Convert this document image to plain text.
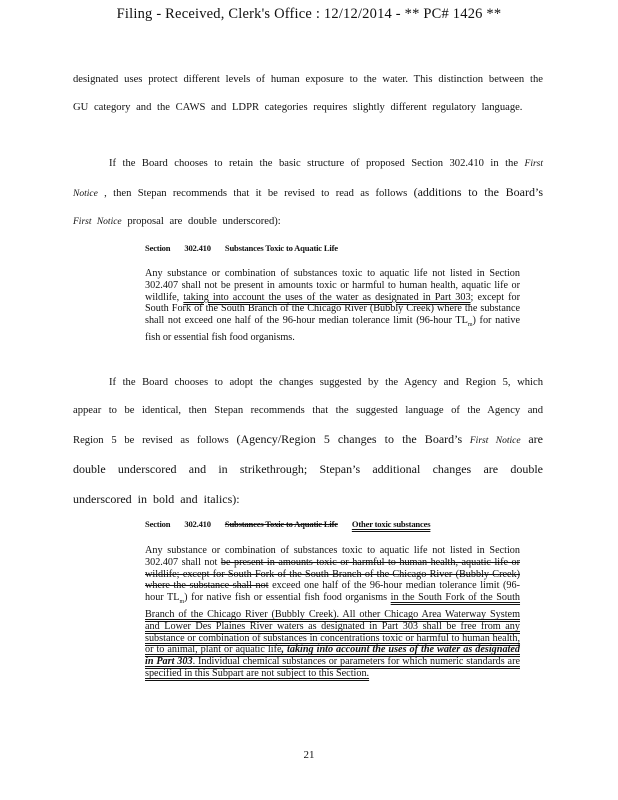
Filing - Received, Clerk's Office : 12/12/2014 - ** PC# 1426 **

designated uses protect different levels of human exposure to the water. This distinction between the GU category and the CAWS and LDPR categories requires slightly different regulatory language.

If the Board chooses to retain the basic structure of proposed Section 302.410 in the First Notice , then Stepan recommends that it be revised to read as follows (additions to the Board’s First Notice proposal are double underscored):

Section 302.410 Substances Toxic to Aquatic Life

Any substance or combination of substances toxic to aquatic life not listed in Section 302.407 shall not be present in amounts toxic or harmful to human health, aquatic life or wildlife, taking into account the uses of the water as designated in Part 303; except for South Fork of the South Branch of the Chicago River (Bubbly Creek) where the substance shall not exceed one half of the 96-hour median tolerance limit (96-hour $TL_m$) for native fish or essential fish food organisms.

If the Board chooses to adopt the changes suggested by the Agency and Region 5, which appear to be identical, then Stepan recommends that the suggested language of the Agency and Region 5 be revised as follows (Agency/Region 5 changes to the Board’s First Notice are double underscored and in strikethrough; Stepan’s additional changes are double underscored in bold and italics):

Section 302.410 Substances Toxic to Aquatic Life Other toxic substances

Any substance or combination of substances toxic to aquatic life not listed in Section 302.407 shall not be present in amounts toxic or harmful to human health, aquatic life or wildlife; except for South Fork of the South Branch of the Chicago River (Bubbly Creek) where the substance shall not exceed one half of the 96-hour median tolerance limit (96-hour $TL_m$) for native fish or essential fish food organisms in the South Fork of the South Branch of the Chicago River (Bubbly Creek). All other Chicago Area Waterway System and Lower Des Plaines River waters as designated in Part 303 shall be free from any substance or combination of substances in concentrations toxic or harmful to human health, or to animal, plant or aquatic life, taking into account the uses of the water as designated in Part 303. Individual chemical substances or parameters for which numeric standards are specified in this Subpart are not subject to this Section.

21
